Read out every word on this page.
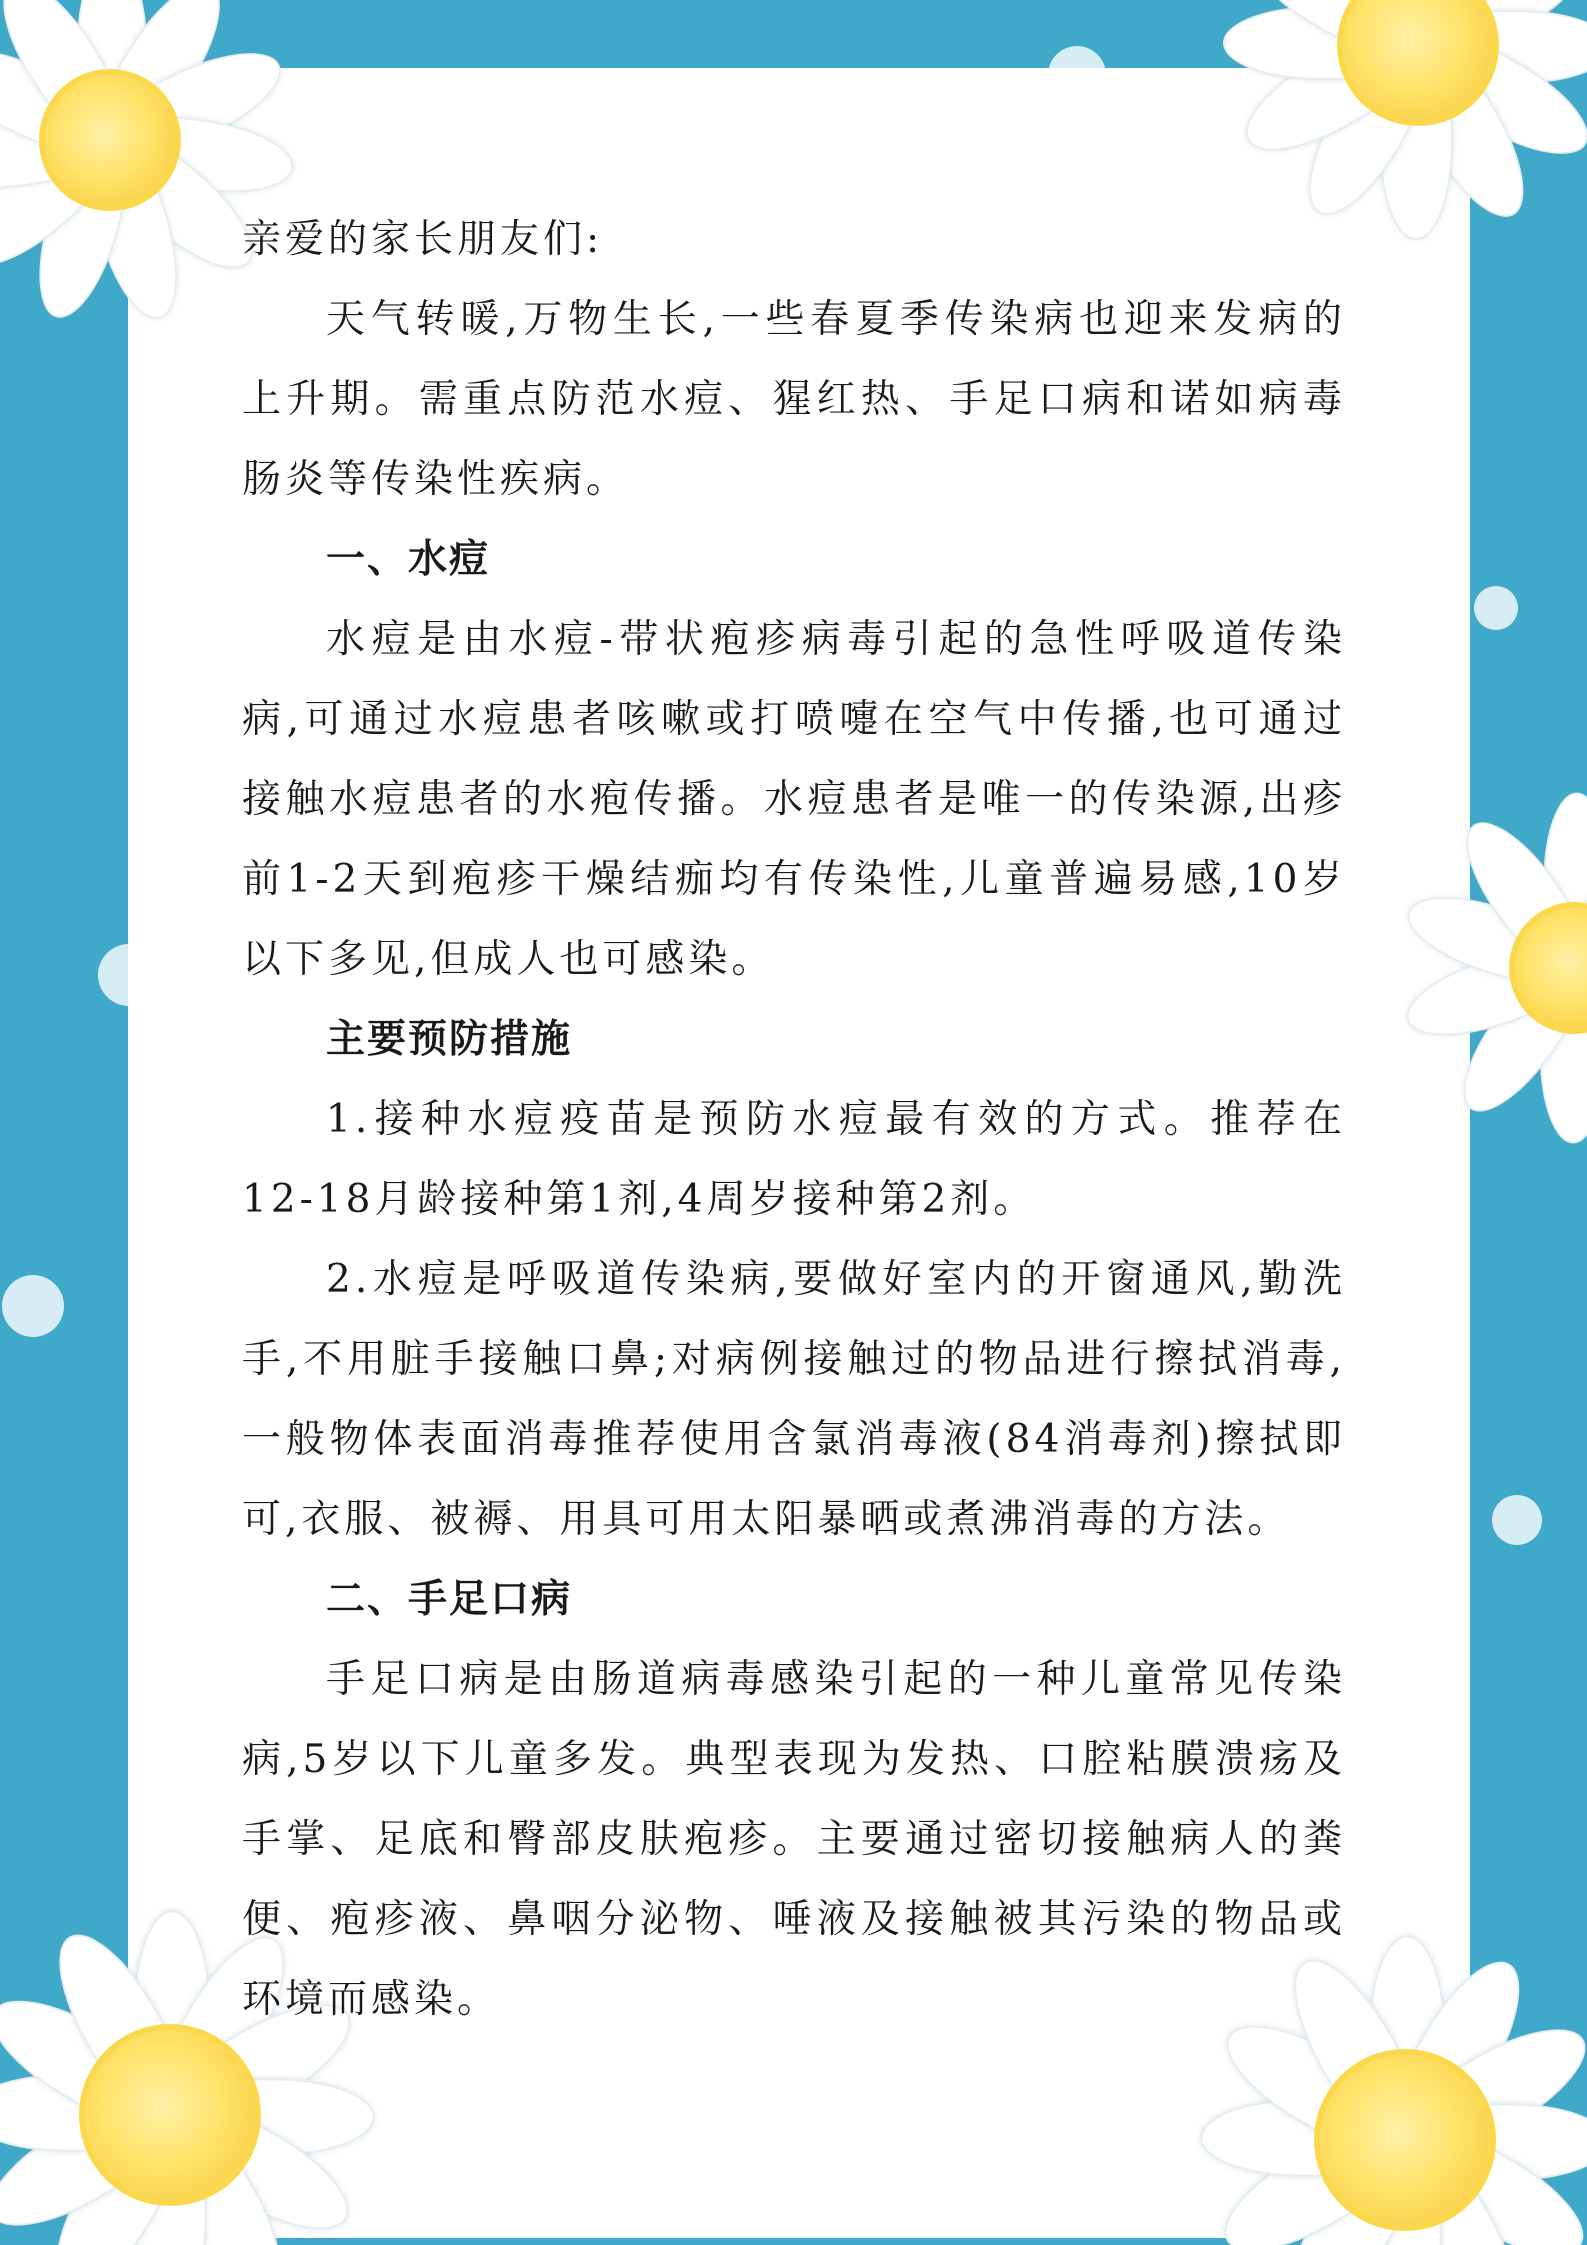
亲爱的家长朋友们:

天气转暖,万物生长,一些春夏季传染病也迎来发病的上升期。需重点防范水痘、猩红热、手足口病和诺如病毒肠炎等传染性疾病。

一、水痘

水痘是由水痘-带状疱疹病毒引起的急性呼吸道传染病,可通过水痘患者咳嗽或打喷嚏在空气中传播,也可通过接触水痘患者的水疱传播。水痘患者是唯一的传染源,出疹前1-2天到疱疹干燥结痂均有传染性,儿童普遍易感,10岁以下多见,但成人也可感染。

主要预防措施

1.接种水痘疫苗是预防水痘最有效的方式。推荐在12-18月龄接种第1剂,4周岁接种第2剂。

2.水痘是呼吸道传染病,要做好室内的开窗通风,勤洗手,不用脏手接触口鼻;对病例接触过的物品进行擦拭消毒,一般物体表面消毒推荐使用含氯消毒液(84消毒剂)擦拭即可,衣服、被褥、用具可用太阳暴晒或煮沸消毒的方法。

二、手足口病

手足口病是由肠道病毒感染引起的一种儿童常见传染病,5岁以下儿童多发。典型表现为发热、口腔粘膜溃疡及手掌、足底和臀部皮肤疱疹。主要通过密切接触病人的粪便、疱疹液、鼻咽分泌物、唾液及接触被其污染的物品或环境而感染。
